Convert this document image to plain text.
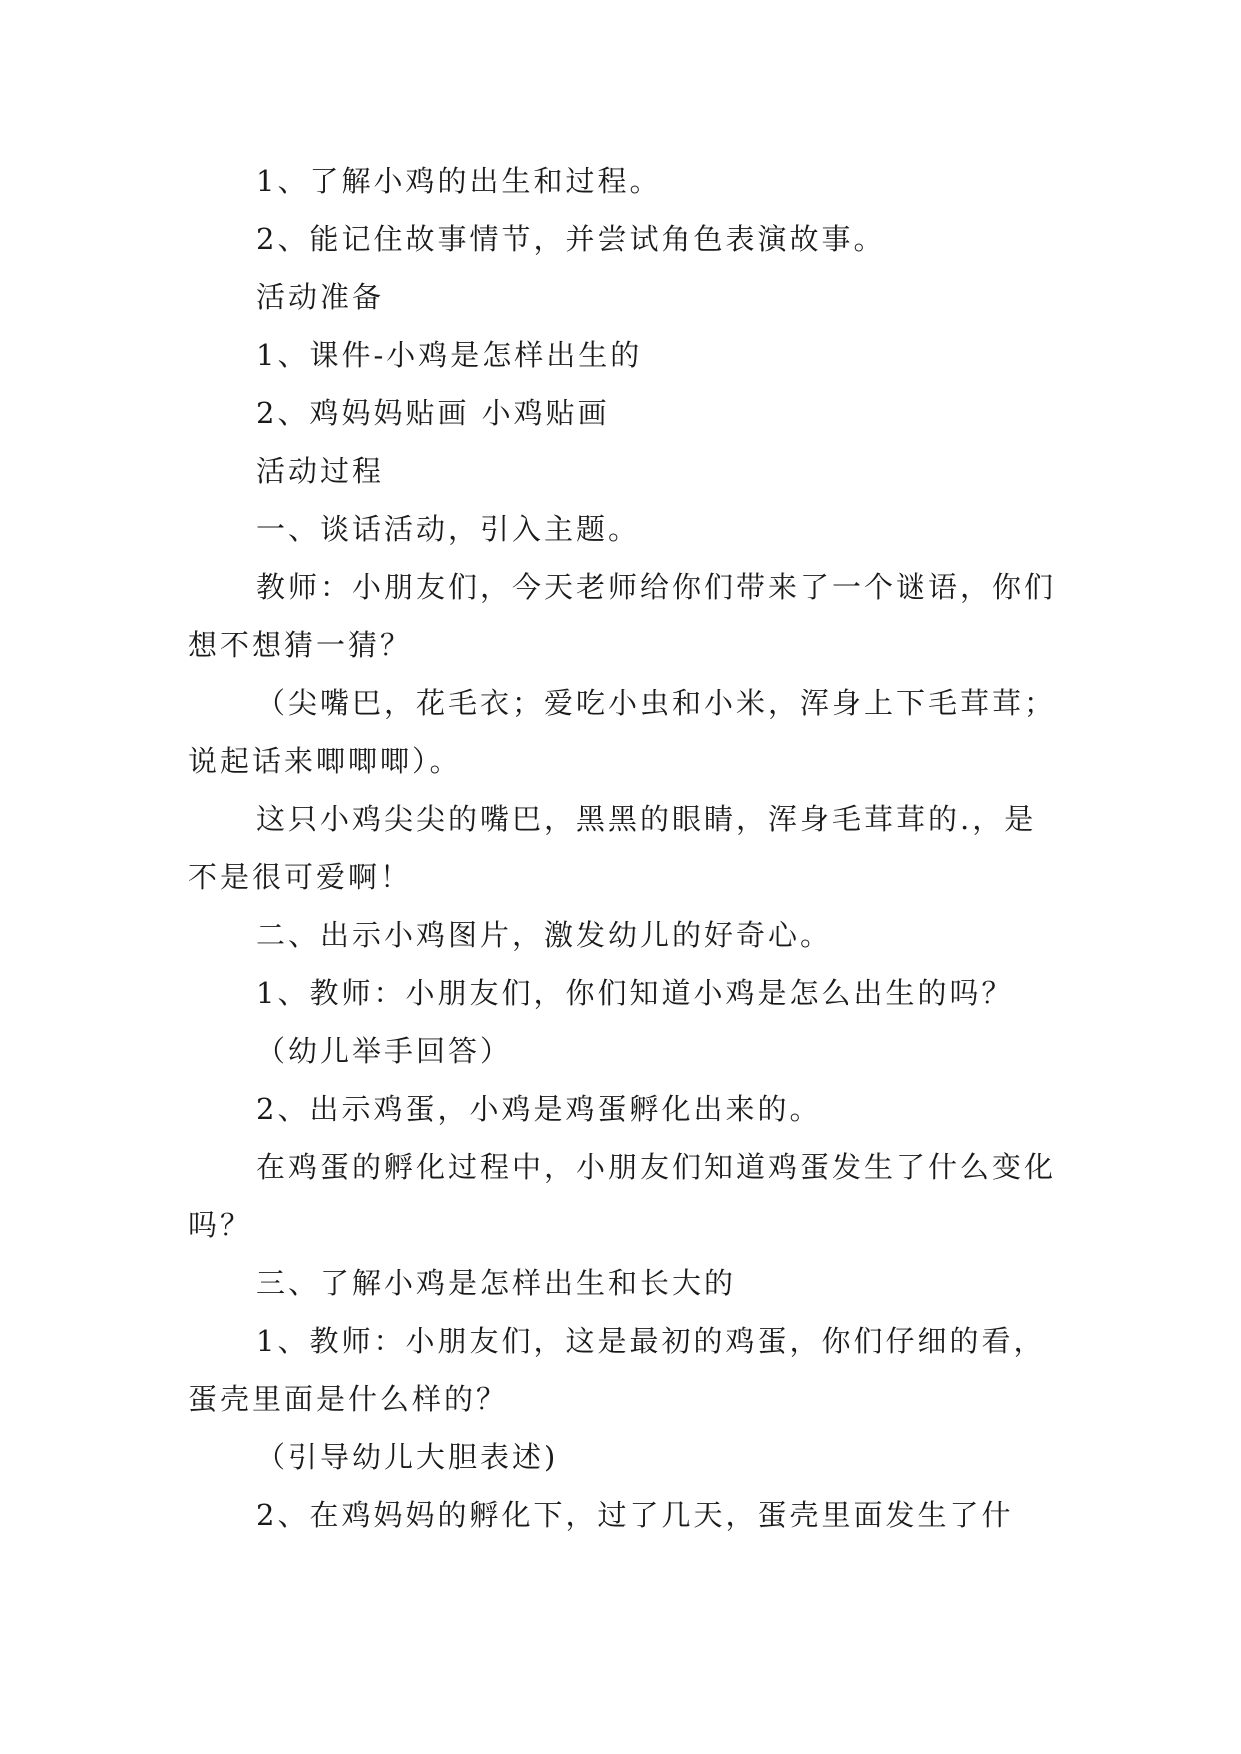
1、了解小鸡的出生和过程。

2、能记住故事情节，并尝试角色表演故事。

活动准备

1、课件-小鸡是怎样出生的

2、鸡妈妈贴画 小鸡贴画

活动过程

一、谈话活动，引入主题。

教师：小朋友们，今天老师给你们带来了一个谜语，你们想不想猜一猜？

（尖嘴巴，花毛衣；爱吃小虫和小米，浑身上下毛茸茸；说起话来唧唧唧）。

这只小鸡尖尖的嘴巴，黑黑的眼睛，浑身毛茸茸的.，是不是很可爱啊！

二、出示小鸡图片，激发幼儿的好奇心。

1、教师：小朋友们，你们知道小鸡是怎么出生的吗？

（幼儿举手回答）

2、出示鸡蛋，小鸡是鸡蛋孵化出来的。

在鸡蛋的孵化过程中，小朋友们知道鸡蛋发生了什么变化吗？

三、了解小鸡是怎样出生和长大的

1、教师：小朋友们，这是最初的鸡蛋，你们仔细的看，蛋壳里面是什么样的？

（引导幼儿大胆表述)

2、在鸡妈妈的孵化下，过了几天，蛋壳里面发生了什
